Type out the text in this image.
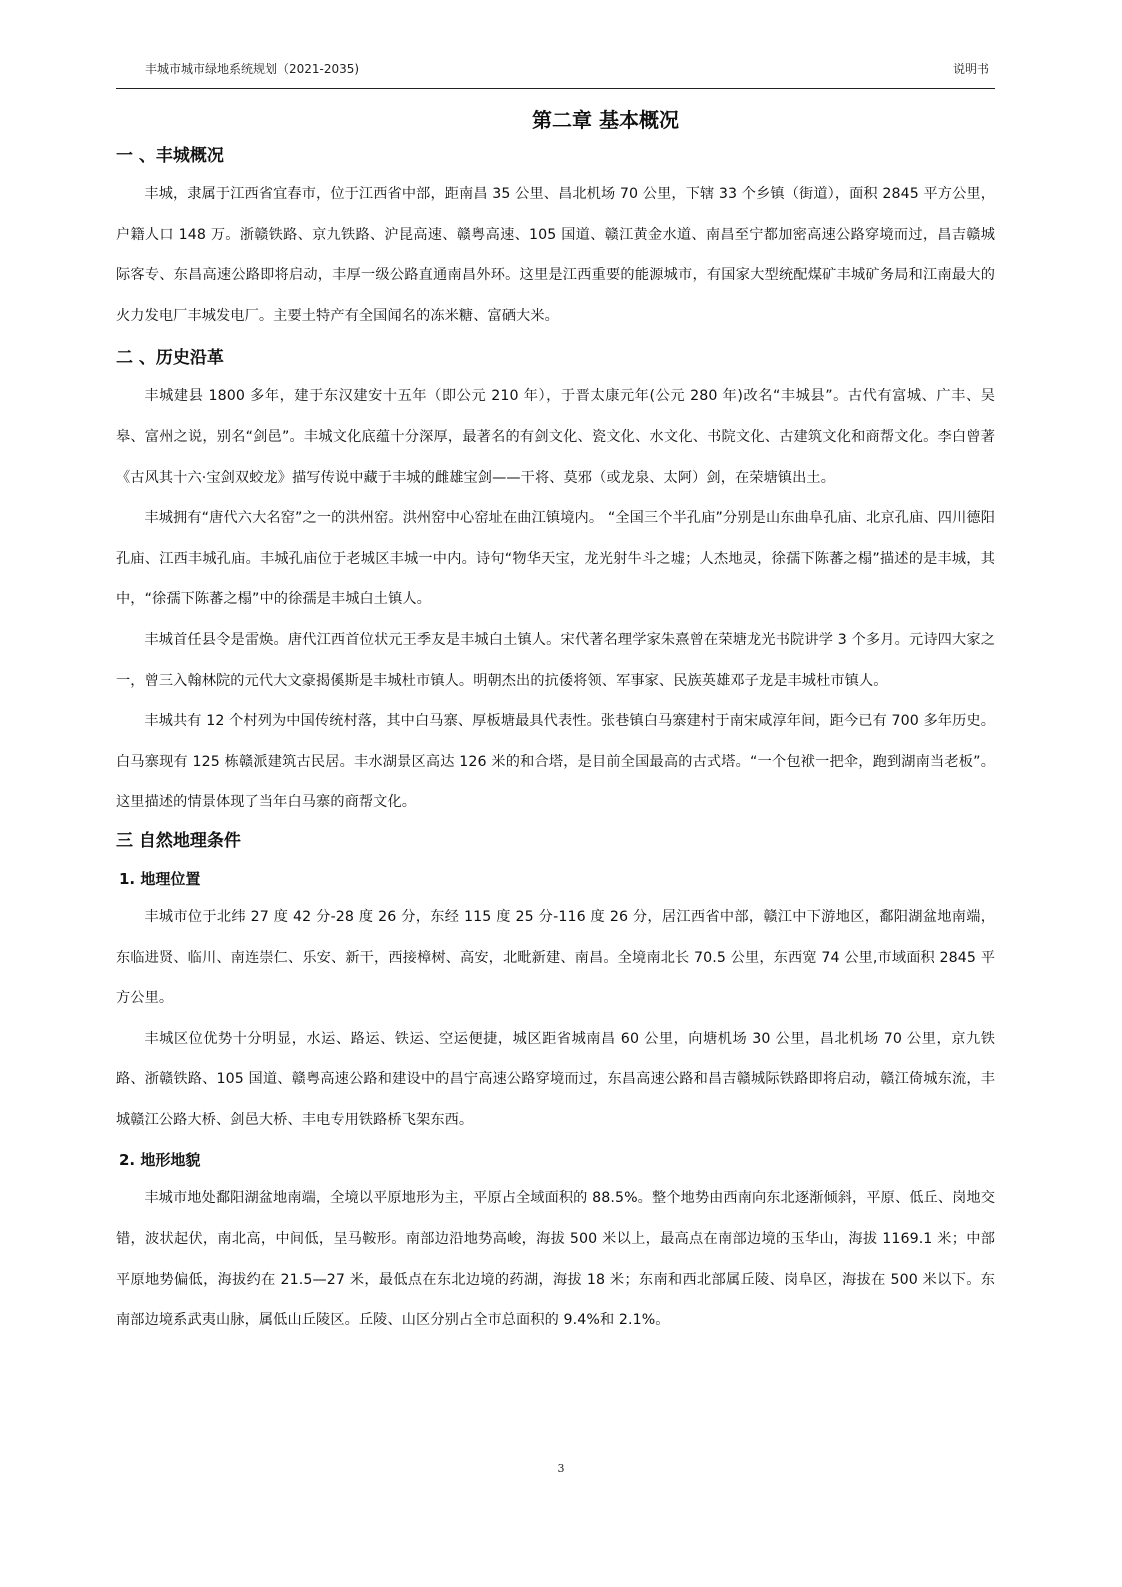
丰城市城市绿地系统规划（2021-2035)	说明书
第二章 基本概况
一 、丰城概况

丰城，隶属于江西省宜春市，位于江西省中部，距南昌 35 公里、昌北机场 70 公里，下辖 33 个乡镇（街道），面积 2845 平方公里，户籍人口 148 万。浙赣铁路、京九铁路、沪昆高速、赣粤高速、105 国道、赣江黄金水道、南昌至宁都加密高速公路穿境而过，昌吉赣城际客专、东昌高速公路即将启动，丰厚一级公路直通南昌外环。这里是江西重要的能源城市，有国家大型统配煤矿丰城矿务局和江南最大的火力发电厂丰城发电厂。主要土特产有全国闻名的冻米糖、富硒大米。

二 、历史沿革

丰城建县 1800 多年，建于东汉建安十五年（即公元 210 年），于晋太康元年(公元 280 年)改名“丰城县”。古代有富城、广丰、吴皋、富州之说，别名“剑邑”。丰城文化底蕴十分深厚，最著名的有剑文化、瓷文化、水文化、书院文化、古建筑文化和商帮文化。李白曾著《古风其十六·宝剑双蛟龙》描写传说中藏于丰城的雌雄宝剑——干将、莫邪（或龙泉、太阿）剑，在荣塘镇出土。

丰城拥有“唐代六大名窑”之一的洪州窑。洪州窑中心窑址在曲江镇境内。 “全国三个半孔庙”分别是山东曲阜孔庙、北京孔庙、四川德阳孔庙、江西丰城孔庙。丰城孔庙位于老城区丰城一中内。诗句“物华天宝，龙光射牛斗之墟；人杰地灵，徐孺下陈蕃之榻”描述的是丰城，其中，“徐孺下陈蕃之榻”中的徐孺是丰城白土镇人。

丰城首任县令是雷焕。唐代江西首位状元王季友是丰城白土镇人。宋代著名理学家朱熹曾在荣塘龙光书院讲学 3 个多月。元诗四大家之一，曾三入翰林院的元代大文豪揭傒斯是丰城杜市镇人。明朝杰出的抗倭将领、军事家、民族英雄邓子龙是丰城杜市镇人。

丰城共有 12 个村列为中国传统村落，其中白马寨、厚板塘最具代表性。张巷镇白马寨建村于南宋咸淳年间，距今已有 700 多年历史。白马寨现有 125 栋赣派建筑古民居。丰水湖景区高达 126 米的和合塔，是目前全国最高的古式塔。“一个包袱一把伞，跑到湖南当老板”。这里描述的情景体现了当年白马寨的商帮文化。

三 自然地理条件
1. 地理位置

丰城市位于北纬 27 度 42 分-28 度 26 分，东经 115 度 25 分-116 度 26 分，居江西省中部，赣江中下游地区，鄱阳湖盆地南端，东临进贤、临川、南连崇仁、乐安、新干，西接樟树、高安，北毗新建、南昌。全境南北长 70.5 公里，东西宽 74 公里,市域面积 2845 平方公里。

丰城区位优势十分明显，水运、路运、铁运、空运便捷，城区距省城南昌 60 公里，向塘机场 30 公里，昌北机场 70 公里，京九铁路、浙赣铁路、105 国道、赣粤高速公路和建设中的昌宁高速公路穿境而过，东昌高速公路和昌吉赣城际铁路即将启动，赣江倚城东流，丰城赣江公路大桥、剑邑大桥、丰电专用铁路桥飞架东西。

2. 地形地貌

丰城市地处鄱阳湖盆地南端，全境以平原地形为主，平原占全域面积的 88.5%。整个地势由西南向东北逐渐倾斜，平原、低丘、岗地交错，波状起伏，南北高，中间低，呈马鞍形。南部边沿地势高峻，海拔 500 米以上，最高点在南部边境的玉华山，海拔 1169.1 米；中部平原地势偏低，海拔约在 21.5—27 米，最低点在东北边境的药湖，海拔 18 米；东南和西北部属丘陵、岗阜区，海拔在 500 米以下。东南部边境系武夷山脉，属低山丘陵区。丘陵、山区分别占全市总面积的 9.4%和 2.1%。

3
